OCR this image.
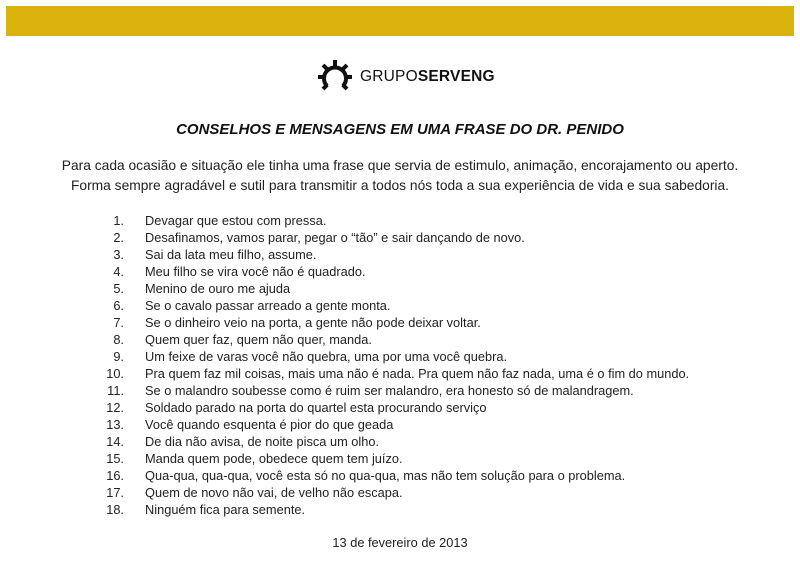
GRUPOSERVENG
CONSELHOS E MENSAGENS EM UMA FRASE DO DR. PENIDO
Para cada ocasião e situação ele tinha uma frase que servia de estimulo, animação, encorajamento ou aperto.
Forma sempre agradável e sutil para transmitir a todos nós toda a sua experiência de vida e sua sabedoria.
1. Devagar que estou com pressa.
2. Desafinamos, vamos parar, pegar o “tão” e sair dançando de novo.
3. Sai da lata meu filho, assume.
4. Meu filho se vira você não é quadrado.
5. Menino de ouro me ajuda
6. Se o cavalo passar arreado a gente monta.
7. Se o dinheiro veio na porta, a gente não pode deixar voltar.
8. Quem quer faz, quem não quer, manda.
9. Um feixe de varas você não quebra, uma por uma você quebra.
10. Pra quem faz mil coisas, mais uma não é nada. Pra quem não faz nada, uma é o fim do mundo.
11. Se o malandro soubesse como é ruim ser malandro, era honesto só de malandragem.
12. Soldado parado na porta do quartel esta procurando serviço
13. Você quando esquenta é pior do que geada
14. De dia não avisa, de noite pisca um olho.
15. Manda quem pode, obedece quem tem juízo.
16. Qua-qua, qua-qua, você esta só no qua-qua, mas não tem solução para o problema.
17. Quem de novo não vai, de velho não escapa.
18. Ninguém fica para semente.
13 de fevereiro de 2013
